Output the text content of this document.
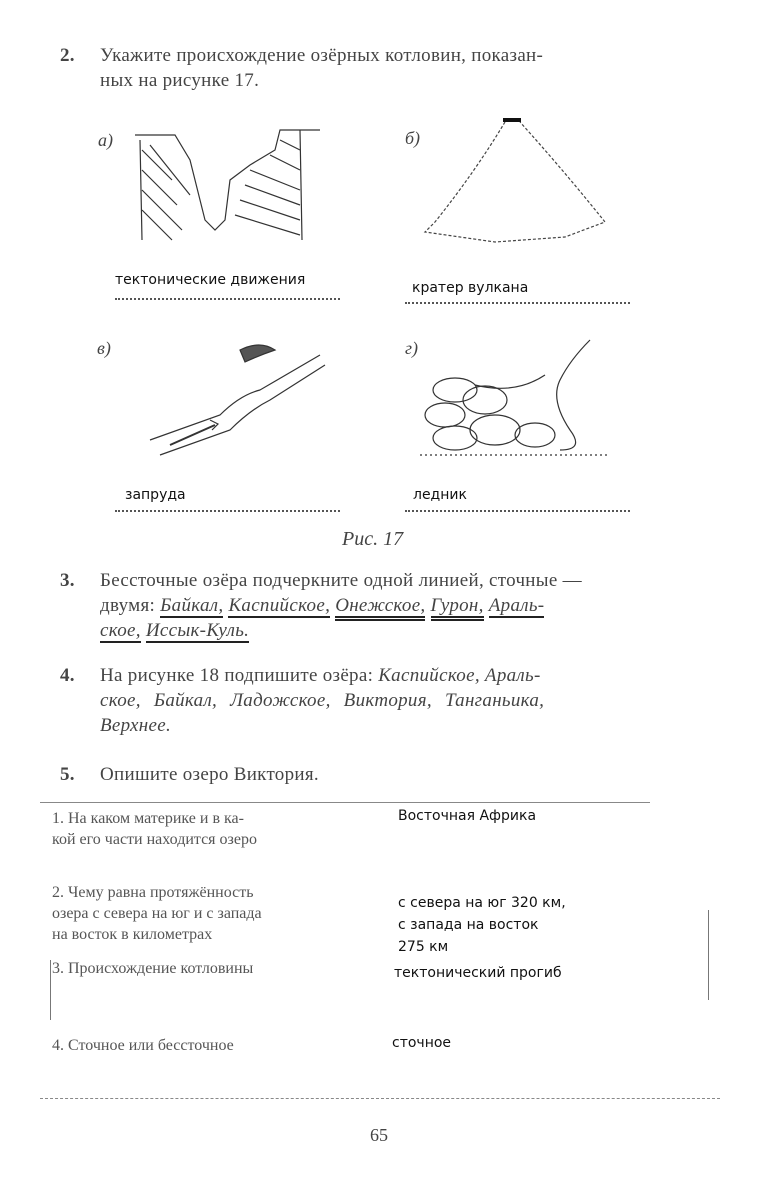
2. Укажите происхождение озёрных котловин, показан-
ных на рисунке 17.
а)
тектонические движения
б)
кратер вулкана
в)
запруда
г)
ледник
Рис. 17
3. Бессточные озёра подчеркните одной линией, сточные —
двумя: Байкал, Каспийское, Онежское, Гурон, Араль-
ское, Иссык-Куль.
4. На рисунке 18 подпишите озёра: Каспийское, Араль-
ское, Байкал, Ладожское, Виктория, Танганьика,
Верхнее.
5. Опишите озеро Виктория.
1. На каком материке и в ка-
кой его части находится озеро
Восточная Африка
2. Чему равна протяжённость
озера с севера на юг и с запада
на восток в километрах
с севера на юг 320 км,
с запада на восток
275 км
3. Происхождение котловины	тектонический прогиб
4. Сточное или бессточное	сточное
65
